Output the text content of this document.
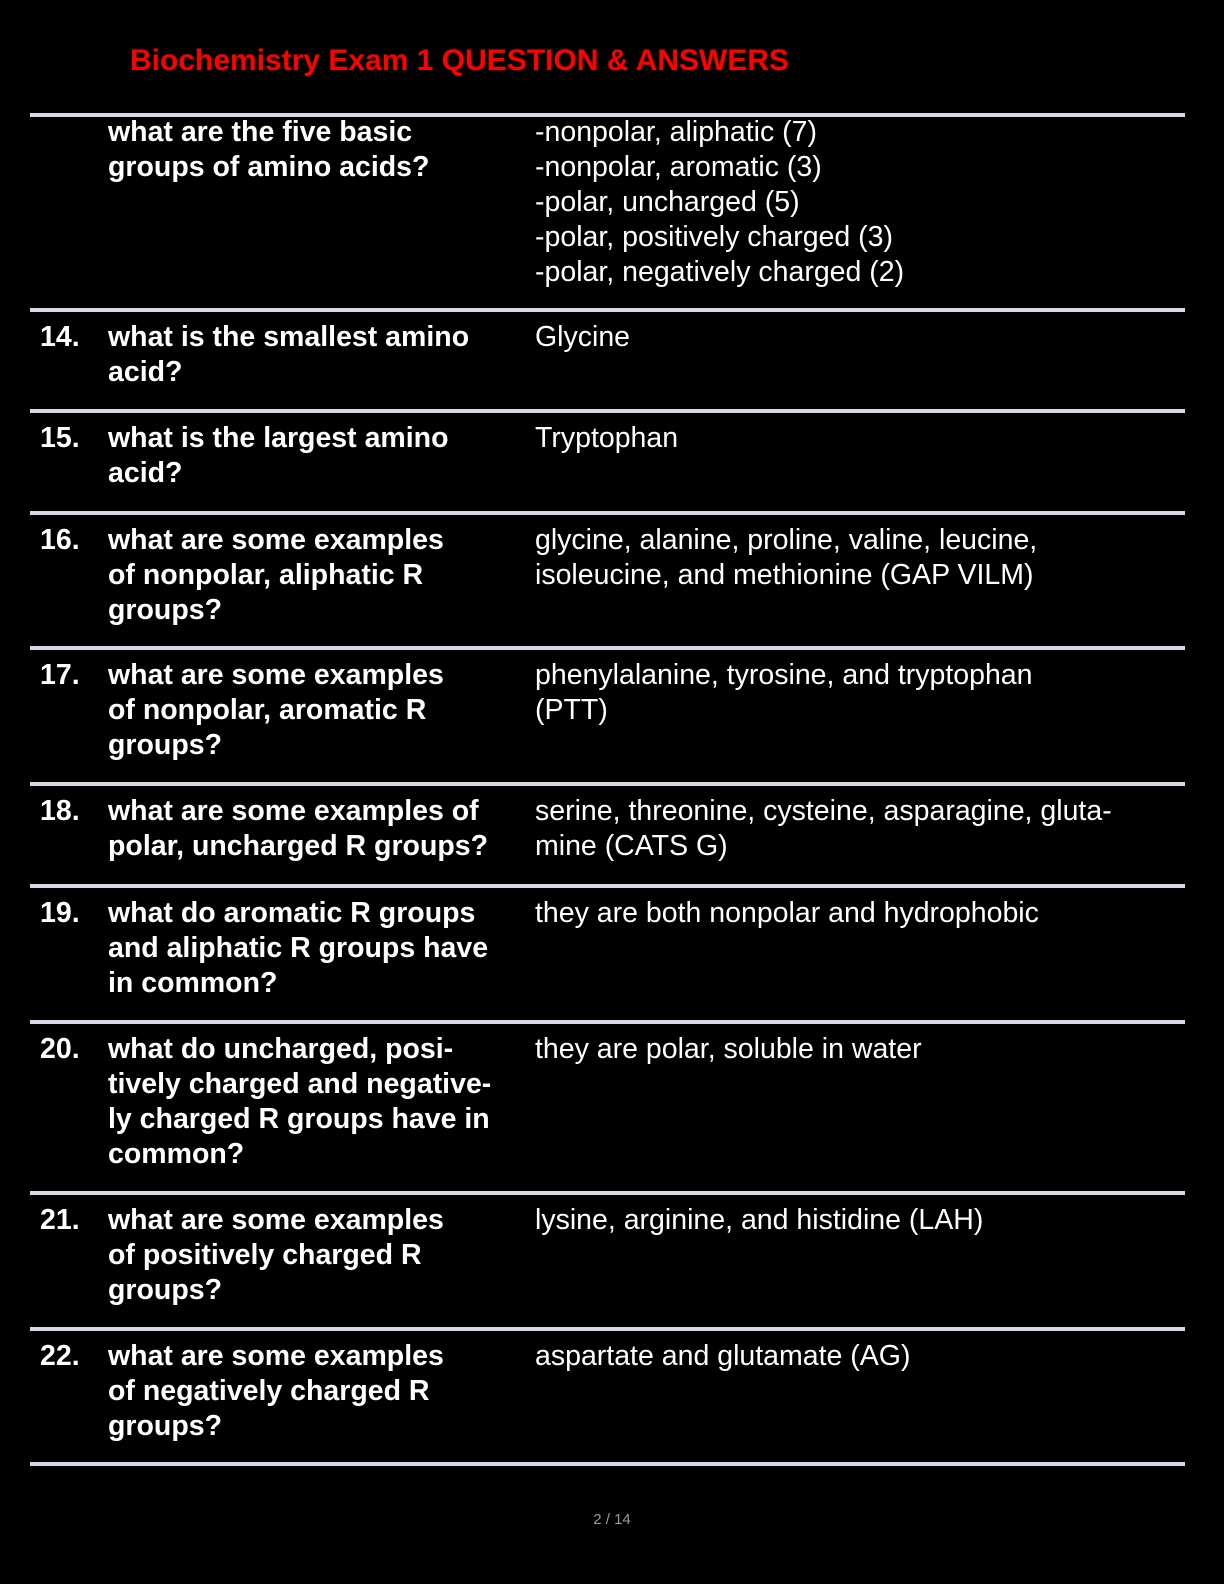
Biochemistry Exam 1 QUESTION & ANSWERS
what are the five basic
groups of amino acids?
-nonpolar, aliphatic (7)
-nonpolar, aromatic (3)
-polar, uncharged (5)
-polar, positively charged (3)
-polar, negatively charged (2)
14. what is the smallest amino
acid?
Glycine
15. what is the largest amino
acid?
Tryptophan
16. what are some examples
of nonpolar, aliphatic R
groups?
glycine, alanine, proline, valine, leucine,
isoleucine, and methionine (GAP VILM)
17. what are some examples
of nonpolar, aromatic R
groups?
phenylalanine, tyrosine, and tryptophan
(PTT)
18. what are some examples of
polar, uncharged R groups?
serine, threonine, cysteine, asparagine, gluta-
mine (CATS G)
19. what do aromatic R groups
and aliphatic R groups have
in common?
they are both nonpolar and hydrophobic
20. what do uncharged, posi-
tively charged and negative-
ly charged R groups have in
common?
they are polar, soluble in water
21. what are some examples
of positively charged R
groups?
lysine, arginine, and histidine (LAH)
22. what are some examples
of negatively charged R
groups?
aspartate and glutamate (AG)
2 / 14
